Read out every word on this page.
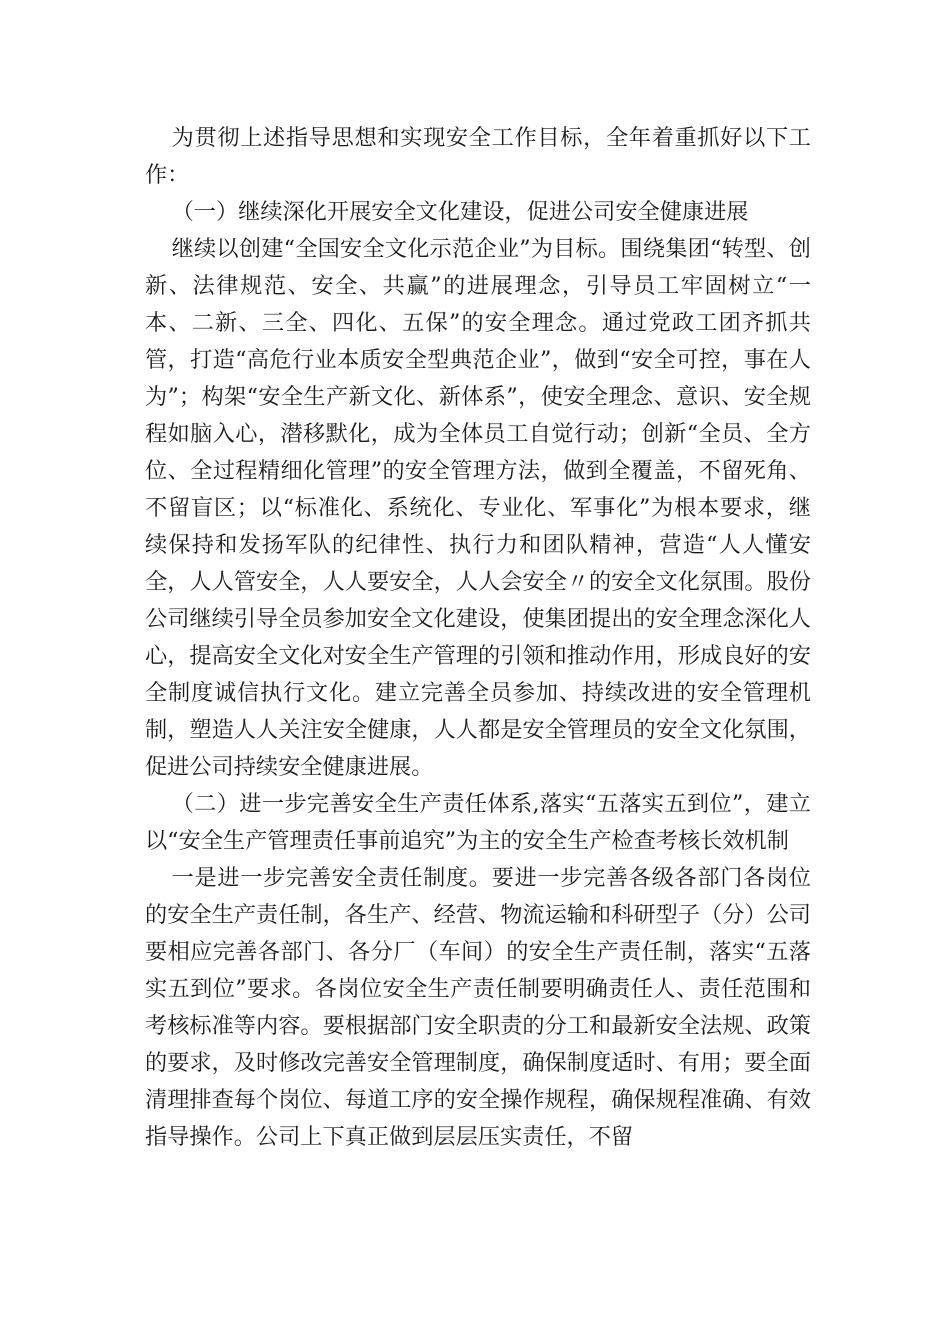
为贯彻上述指导思想和实现安全工作目标，全年着重抓好以下工作：

（一）继续深化开展安全文化建设，促进公司安全健康进展

继续以创建“全国安全文化示范企业”为目标。围绕集团“转型、创新、法律规范、安全、共赢”的进展理念，引导员工牢固树立“一本、二新、三全、四化、五保”的安全理念。通过党政工团齐抓共管，打造“高危行业本质安全型典范企业”，做到“安全可控，事在人为”；构架“安全生产新文化、新体系”，使安全理念、意识、安全规程如脑入心，潜移默化，成为全体员工自觉行动；创新“全员、全方位、全过程精细化管理”的安全管理方法，做到全覆盖，不留死角、不留盲区；以“标准化、系统化、专业化、军事化”为根本要求，继续保持和发扬军队的纪律性、执行力和团队精神，营造“人人懂安全，人人管安全，人人要安全，人人会安全〃的安全文化氛围。股份公司继续引导全员参加安全文化建设，使集团提出的安全理念深化人心，提高安全文化对安全生产管理的引领和推动作用，形成良好的安全制度诚信执行文化。建立完善全员参加、持续改进的安全管理机制，塑造人人关注安全健康，人人都是安全管理员的安全文化氛围，促进公司持续安全健康进展。

（二）进一步完善安全生产责任体系,落实“五落实五到位”，建立以“安全生产管理责任事前追究”为主的安全生产检查考核长效机制

一是进一步完善安全责任制度。要进一步完善各级各部门各岗位的安全生产责任制，各生产、经营、物流运输和科研型子（分）公司要相应完善各部门、各分厂（车间）的安全生产责任制，落实“五落实五到位”要求。各岗位安全生产责任制要明确责任人、责任范围和考核标准等内容。要根据部门安全职责的分工和最新安全法规、政策的要求，及时修改完善安全管理制度，确保制度适时、有用；要全面清理排查每个岗位、每道工序的安全操作规程，确保规程准确、有效指导操作。公司上下真正做到层层压实责任，不留
